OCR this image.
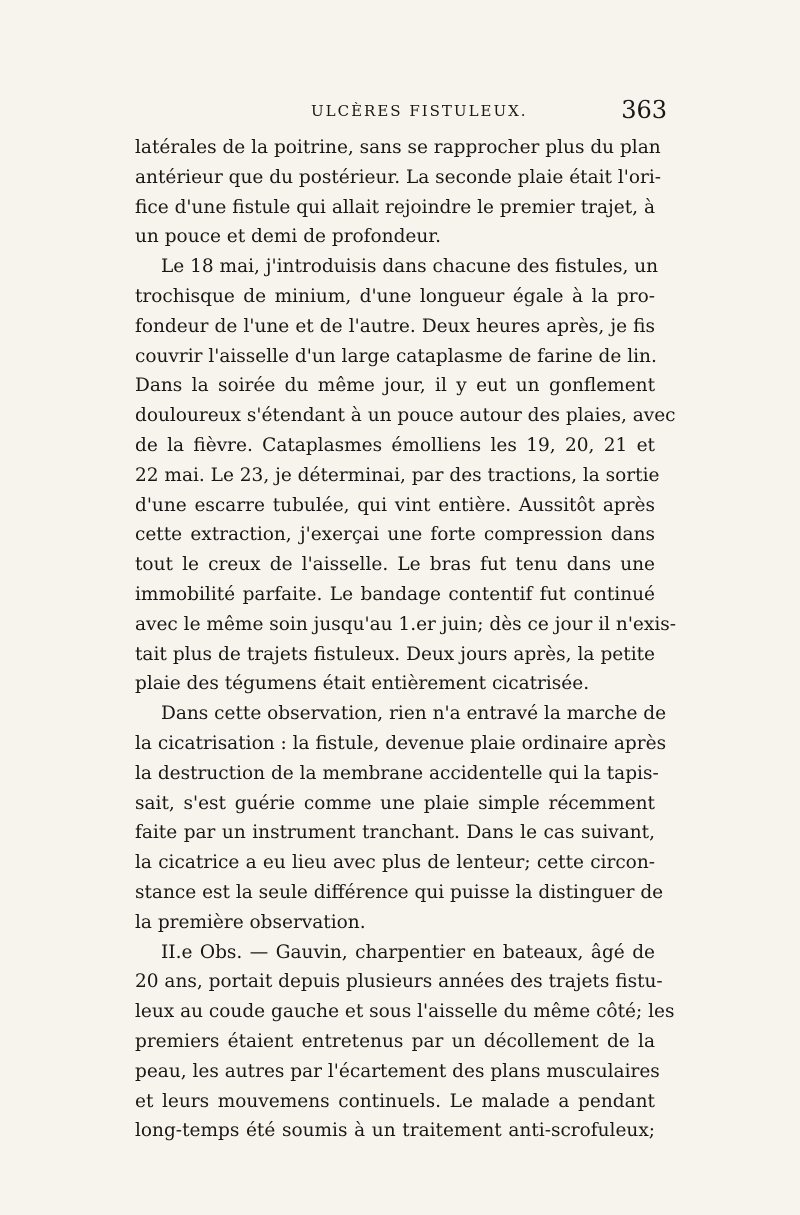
ULCÈRES FISTULEUX.	363
latérales de la poitrine, sans se rapprocher plus du plan
antérieur que du postérieur. La seconde plaie était l'ori-
fice d'une fistule qui allait rejoindre le premier trajet, à
un pouce et demi de profondeur.
Le 18 mai, j'introduisis dans chacune des fistules, un
trochisque de minium, d'une longueur égale à la pro-
fondeur de l'une et de l'autre. Deux heures après, je fis
couvrir l'aisselle d'un large cataplasme de farine de lin.
Dans la soirée du même jour, il y eut un gonflement
douloureux s'étendant à un pouce autour des plaies, avec
de la fièvre. Cataplasmes émolliens les 19, 20, 21 et
22 mai. Le 23, je déterminai, par des tractions, la sortie
d'une escarre tubulée, qui vint entière. Aussitôt après
cette extraction, j'exerçai une forte compression dans
tout le creux de l'aisselle. Le bras fut tenu dans une
immobilité parfaite. Le bandage contentif fut continué
avec le même soin jusqu'au 1.er juin; dès ce jour il n'exis-
tait plus de trajets fistuleux. Deux jours après, la petite
plaie des tégumens était entièrement cicatrisée.
Dans cette observation, rien n'a entravé la marche de
la cicatrisation : la fistule, devenue plaie ordinaire après
la destruction de la membrane accidentelle qui la tapis-
sait, s'est guérie comme une plaie simple récemment
faite par un instrument tranchant. Dans le cas suivant,
la cicatrice a eu lieu avec plus de lenteur; cette circon-
stance est la seule différence qui puisse la distinguer de
la première observation.
II.e Obs. — Gauvin, charpentier en bateaux, âgé de
20 ans, portait depuis plusieurs années des trajets fistu-
leux au coude gauche et sous l'aisselle du même côté; les
premiers étaient entretenus par un décollement de la
peau, les autres par l'écartement des plans musculaires
et leurs mouvemens continuels. Le malade a pendant
long-temps été soumis à un traitement anti-scrofuleux;
